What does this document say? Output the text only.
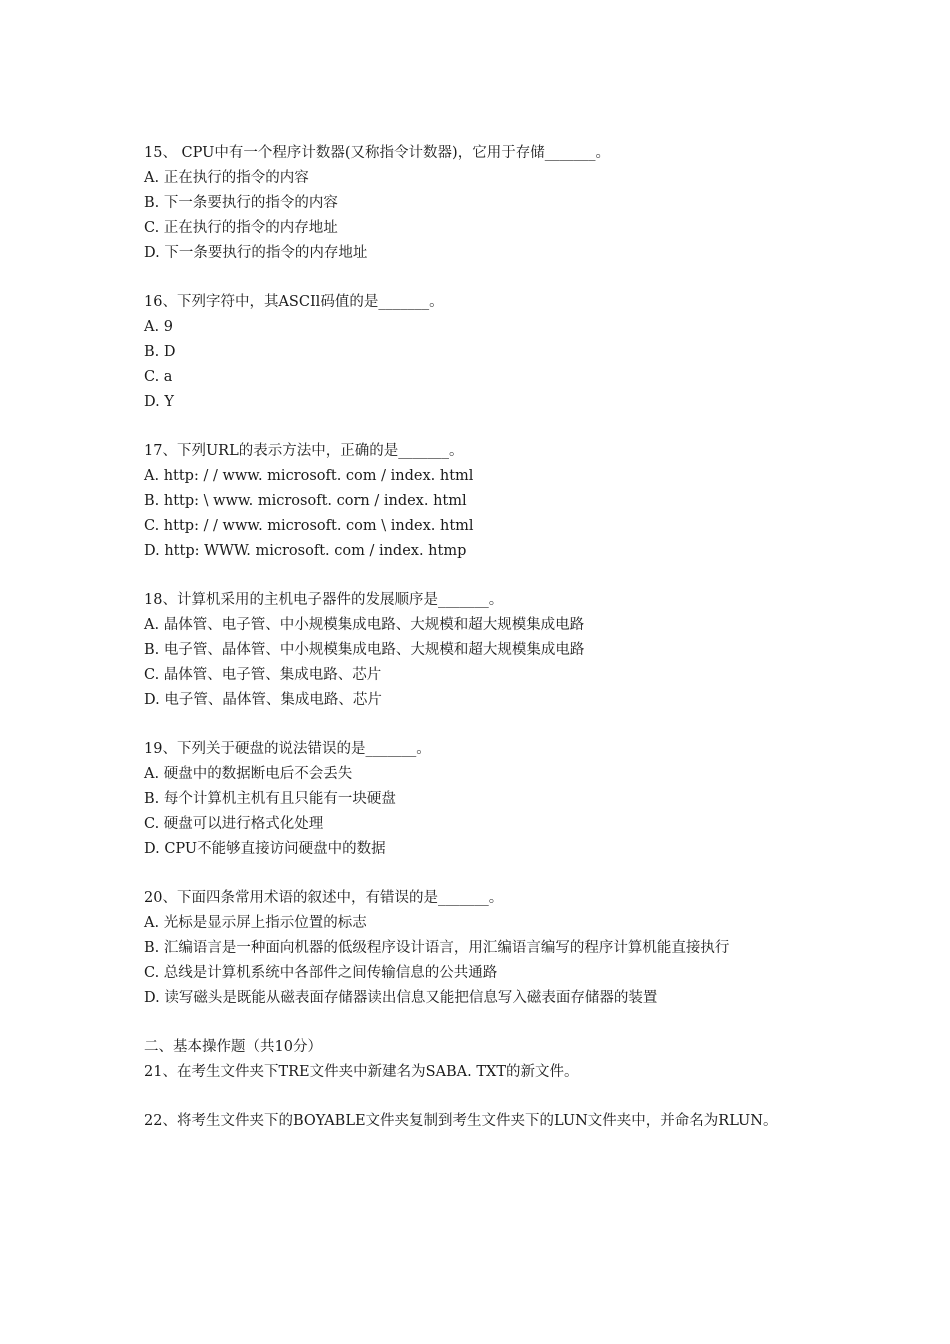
15、 CPU中有一个程序计数器(又称指令计数器)，它用于存储_______。

A. 正在执行的指令的内容

B. 下一条要执行的指令的内容

C. 正在执行的指令的内存地址

D. 下一条要执行的指令的内存地址

16、下列字符中，其ASCIl码值的是_______。

A. 9

B. D

C. a

D. Y

17、下列URL的表示方法中，正确的是_______。

A. http: / / www. microsoft. com / index. html

B. http: \ www. microsoft. corn / index. html

C. http: / / www. microsoft. com \ index. html

D. http: WWW. microsoft. com / index. htmp

18、计算机采用的主机电子器件的发展顺序是_______。

A. 晶体管、电子管、中小规模集成电路、大规模和超大规模集成电路

B. 电子管、晶体管、中小规模集成电路、大规模和超大规模集成电路

C. 晶体管、电子管、集成电路、芯片

D. 电子管、晶体管、集成电路、芯片

19、下列关于硬盘的说法错误的是_______。

A. 硬盘中的数据断电后不会丢失

B. 每个计算机主机有且只能有一块硬盘

C. 硬盘可以进行格式化处理

D. CPU不能够直接访问硬盘中的数据

20、下面四条常用术语的叙述中，有错误的是_______。

A. 光标是显示屏上指示位置的标志

B. 汇编语言是一种面向机器的低级程序设计语言，用汇编语言编写的程序计算机能直接执行

C. 总线是计算机系统中各部件之间传输信息的公共通路

D. 读写磁头是既能从磁表面存储器读出信息又能把信息写入磁表面存储器的装置

二、基本操作题（共10分）

21、在考生文件夹下TRE文件夹中新建名为SABA. TXT的新文件。

22、将考生文件夹下的BOYABLE文件夹复制到考生文件夹下的LUN文件夹中，并命名为RLUN。
